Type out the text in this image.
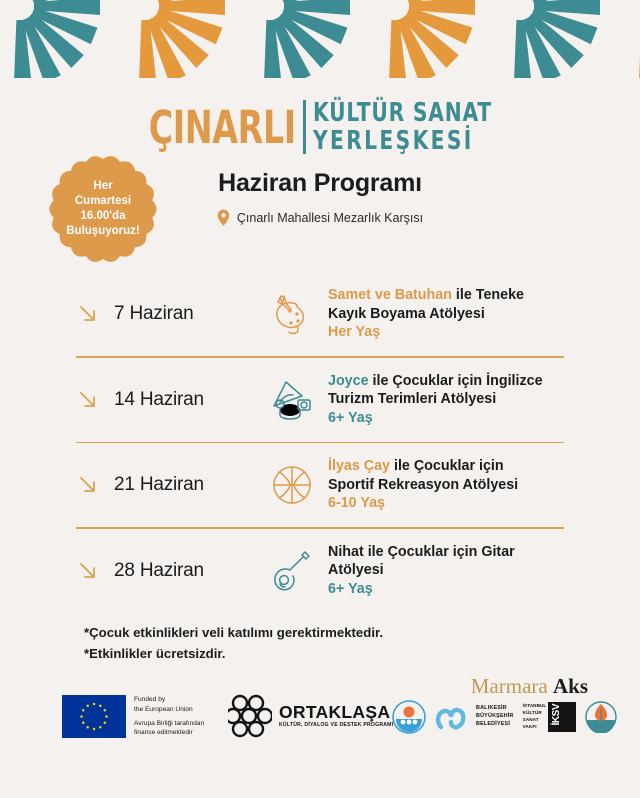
ÇINARLI KÜLTÜR SANAT
YERLEŞKESİ
Haziran Programı
Çınarlı Mahallesi Mezarlık Karşısı
Her
Cumartesi
16.00'da
Buluşuyoruz!
7 Haziran
Samet ve Batuhan ile Teneke
Kayık Boyama Atölyesi
Her Yaş
14 Haziran
Joyce ile Çocuklar için İngilizce
Turizm Terimleri Atölyesi
6+ Yaş
21 Haziran
İlyas Çay ile Çocuklar için
Sportif Rekreasyon Atölyesi
6-10 Yaş
28 Haziran
Nihat ile Çocuklar için Gitar
Atölyesi
6+ Yaş
*Çocuk etkinlikleri veli katılımı gerektirmektedir.
*Etkinlikler ücretsizdir.
Funded by
the European Union
Avrupa Birliği tarafından
finanse edilmektedir
ORTAKLAŞA
KÜLTÜR, DİYALOG VE DESTEK PROGRAMI
Marmara Aks
BALIKESİR
BÜYÜKŞEHİR
BELEDİYESİ
İSTANBUL
KÜLTÜR
SANAT
VAKFI
İKSV
